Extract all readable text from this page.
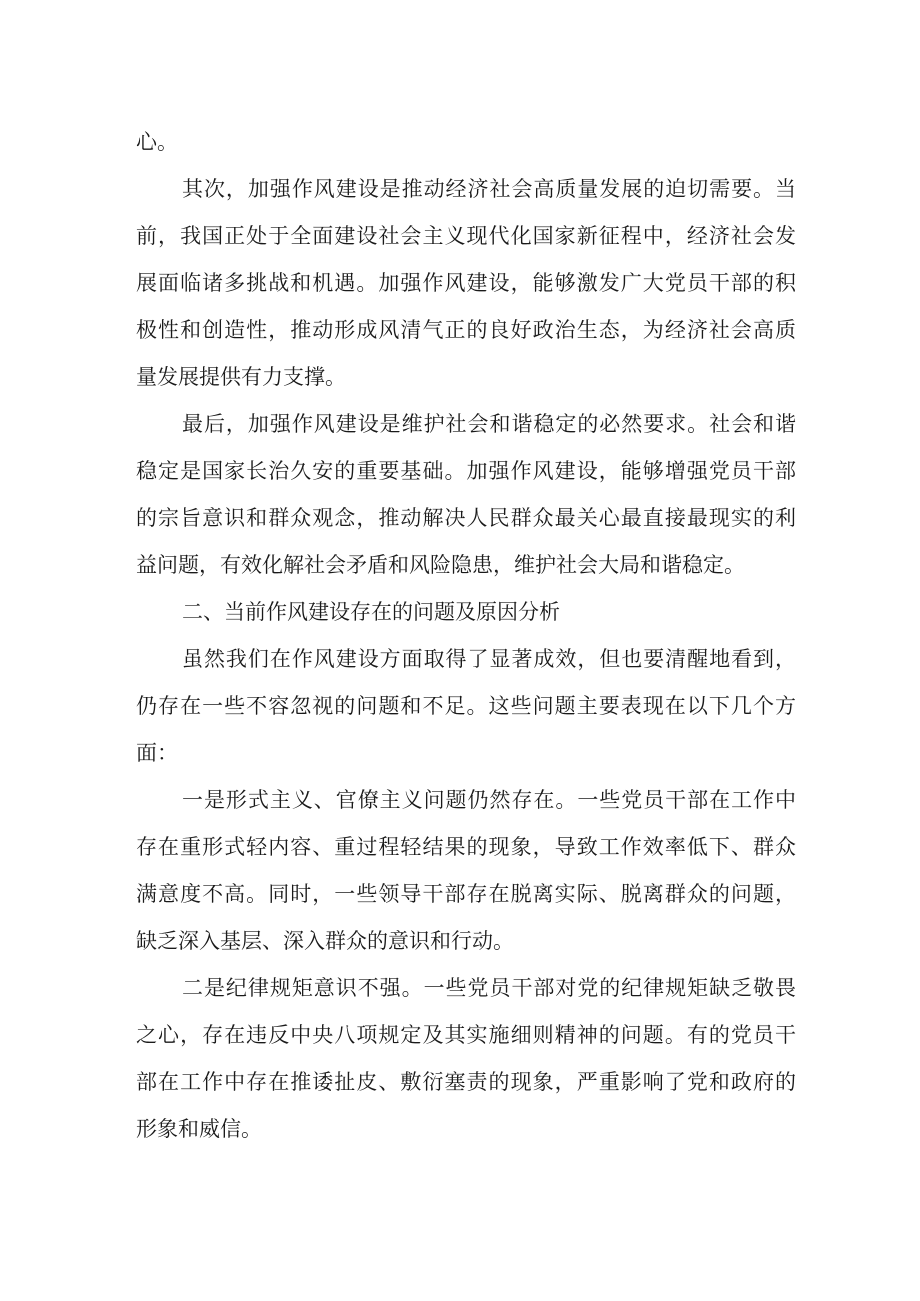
心。
其次，加强作风建设是推动经济社会高质量发展的迫切需要。当
前，我国正处于全面建设社会主义现代化国家新征程中，经济社会发
展面临诸多挑战和机遇。加强作风建设，能够激发广大党员干部的积
极性和创造性，推动形成风清气正的良好政治生态，为经济社会高质
量发展提供有力支撑。
最后，加强作风建设是维护社会和谐稳定的必然要求。社会和谐
稳定是国家长治久安的重要基础。加强作风建设，能够增强党员干部
的宗旨意识和群众观念，推动解决人民群众最关心最直接最现实的利
益问题，有效化解社会矛盾和风险隐患，维护社会大局和谐稳定。
二、当前作风建设存在的问题及原因分析
虽然我们在作风建设方面取得了显著成效，但也要清醒地看到，
仍存在一些不容忽视的问题和不足。这些问题主要表现在以下几个方
面：
一是形式主义、官僚主义问题仍然存在。一些党员干部在工作中
存在重形式轻内容、重过程轻结果的现象，导致工作效率低下、群众
满意度不高。同时，一些领导干部存在脱离实际、脱离群众的问题，
缺乏深入基层、深入群众的意识和行动。
二是纪律规矩意识不强。一些党员干部对党的纪律规矩缺乏敬畏
之心，存在违反中央八项规定及其实施细则精神的问题。有的党员干
部在工作中存在推诿扯皮、敷衍塞责的现象，严重影响了党和政府的
形象和威信。
